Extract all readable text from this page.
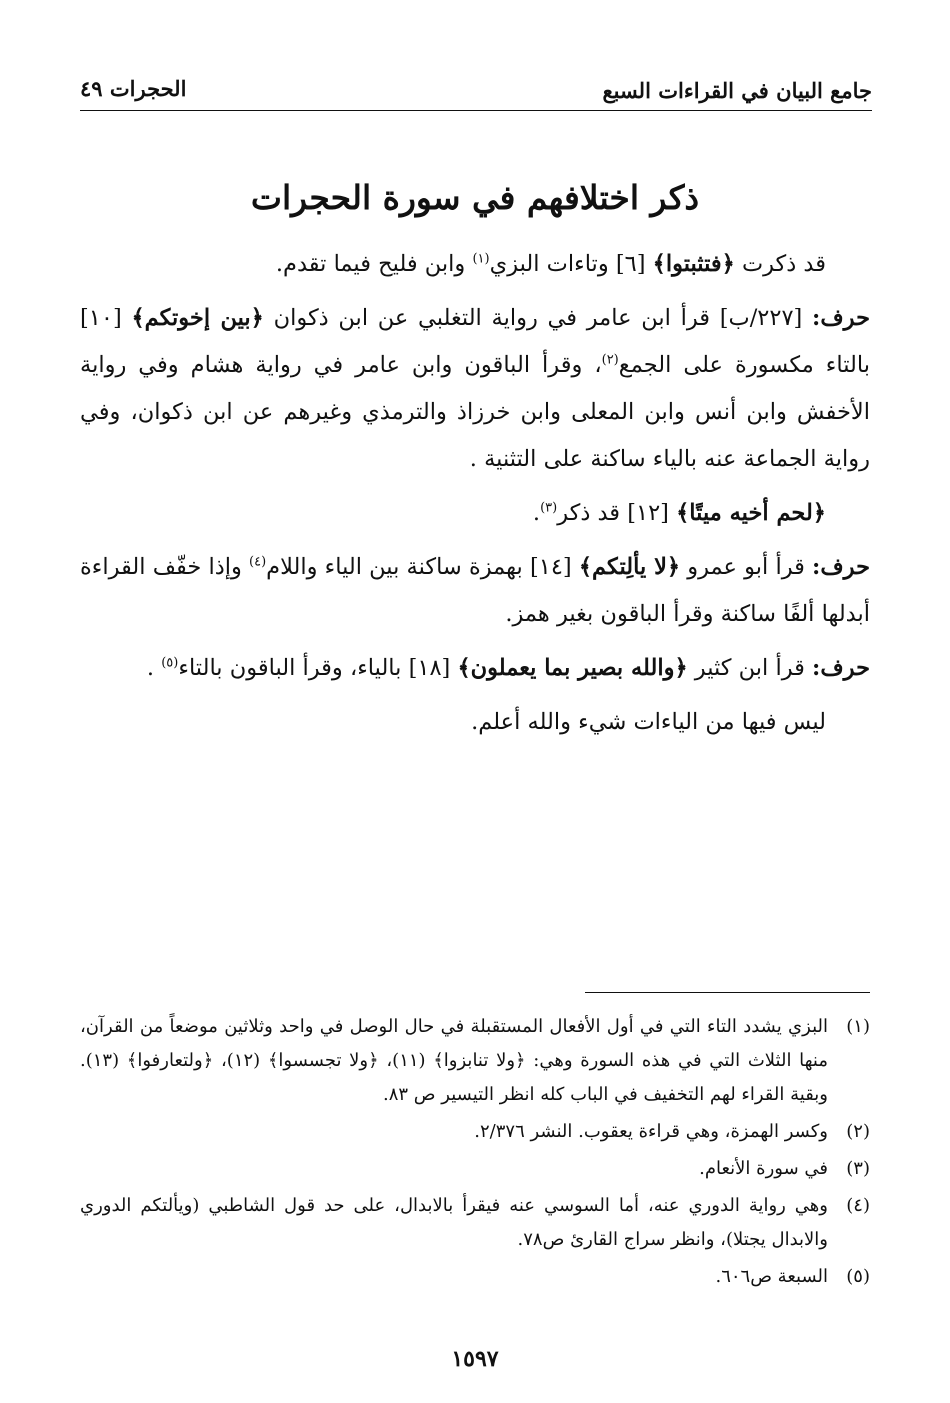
جامع البيان في القراءات السبع
الحجرات ٤٩
ذكر اختلافهم في سورة الحجرات

قد ذكرت ﴿فتثبتوا﴾ [٦] وتاءات البزي$^{(١)}$ وابن فليح فيما تقدم.

حرف: [٢٢٧/ب] قرأ ابن عامر في رواية التغلبي عن ابن ذكوان ﴿بين إخوتكم﴾ [١٠] بالتاء مكسورة على الجمع$^{(٢)}$، وقرأ الباقون وابن عامر في رواية هشام وفي رواية الأخفش وابن أنس وابن المعلى وابن خرزاذ والترمذي وغيرهم عن ابن ذكوان، وفي رواية الجماعة عنه بالياء ساكنة على التثنية .

﴿لحم أخيه ميتًا﴾ [١٢] قد ذكر$^{(٣)}$.

حرف: قرأ أبو عمرو ﴿لا يألِتكم﴾ [١٤] بهمزة ساكنة بين الياء واللام$^{(٤)}$ وإذا خفّف القراءة أبدلها ألفًا ساكنة وقرأ الباقون بغير همز.

حرف: قرأ ابن كثير ﴿والله بصير بما يعملون﴾ [١٨] بالياء، وقرأ الباقون بالتاء$^{(٥)}$ .

ليس فيها من الياءات شيء والله أعلم.

(١)البزي يشدد التاء التي في أول الأفعال المستقبلة في حال الوصل في واحد وثلاثين موضعاً من القرآن، منها الثلاث التي في هذه السورة وهي: ﴿ولا تنابزوا﴾ (١١)، ﴿ولا تجسسوا﴾ (١٢)، ﴿ولتعارفوا﴾ (١٣). وبقية القراء لهم التخفيف في الباب كله انظر التيسير ص ٨٣.

(٢)وكسر الهمزة، وهي قراءة يعقوب. النشر ٢/٣٧٦.

(٣)في سورة الأنعام.

(٤)وهي رواية الدوري عنه، أما السوسي عنه فيقرأ بالابدال، على حد قول الشاطبي (ويألتكم الدوري والابدال يجتلا)، وانظر سراج القارئ ص٧٨.

(٥)السبعة ص٦٠٦.

١٥٩٧
